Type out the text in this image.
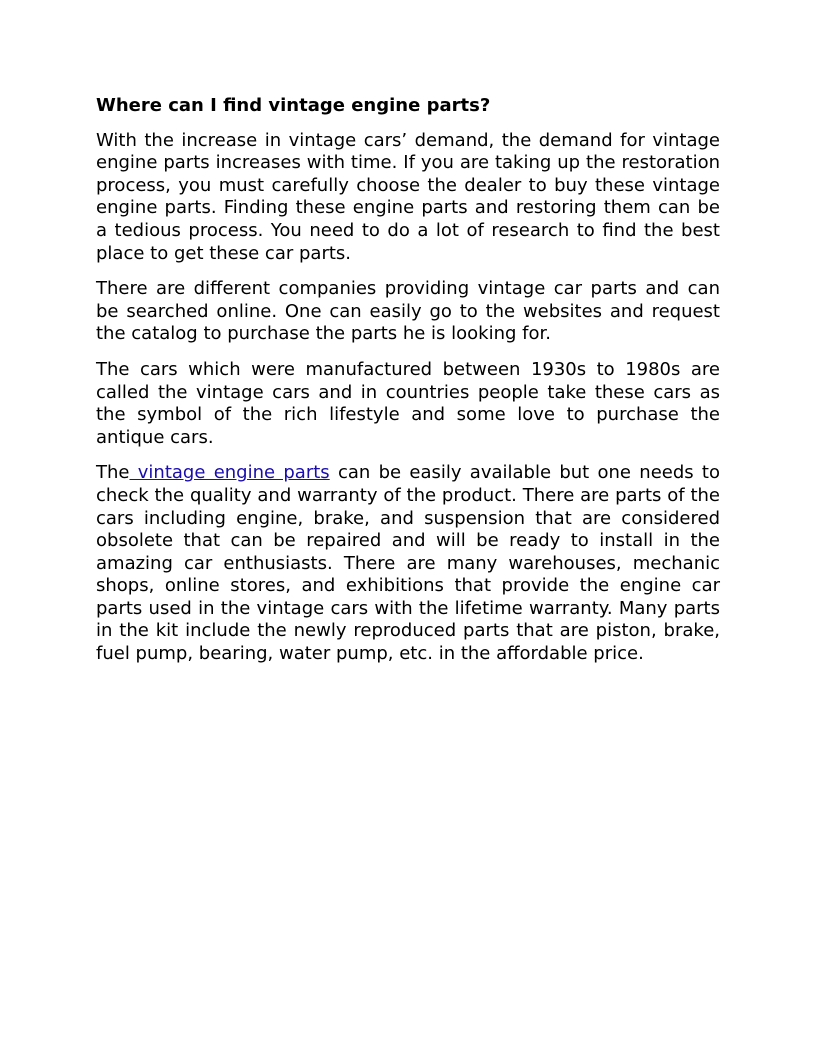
Where can I find vintage engine parts?

With the increase in vintage cars’ demand, the demand for vintage engine parts increases with time. If you are taking up the restoration process, you must carefully choose the dealer to buy these vintage engine parts. Finding these engine parts and restoring them can be a tedious process. You need to do a lot of research to find the best place to get these car parts.

There are different companies providing vintage car parts and can be searched online. One can easily go to the websites and request the catalog to purchase the parts he is looking for.

The cars which were manufactured between 1930s to 1980s are called the vintage cars and in countries people take these cars as the symbol of the rich lifestyle and some love to purchase the antique cars.

The vintage engine parts can be easily available but one needs to check the quality and warranty of the product. There are parts of the cars including engine, brake, and suspension that are considered obsolete that can be repaired and will be ready to install in the amazing car enthusiasts. There are many warehouses, mechanic shops, online stores, and exhibitions that provide the engine car parts used in the vintage cars with the lifetime warranty. Many parts in the kit include the newly reproduced parts that are piston, brake, fuel pump, bearing, water pump, etc. in the affordable price.
